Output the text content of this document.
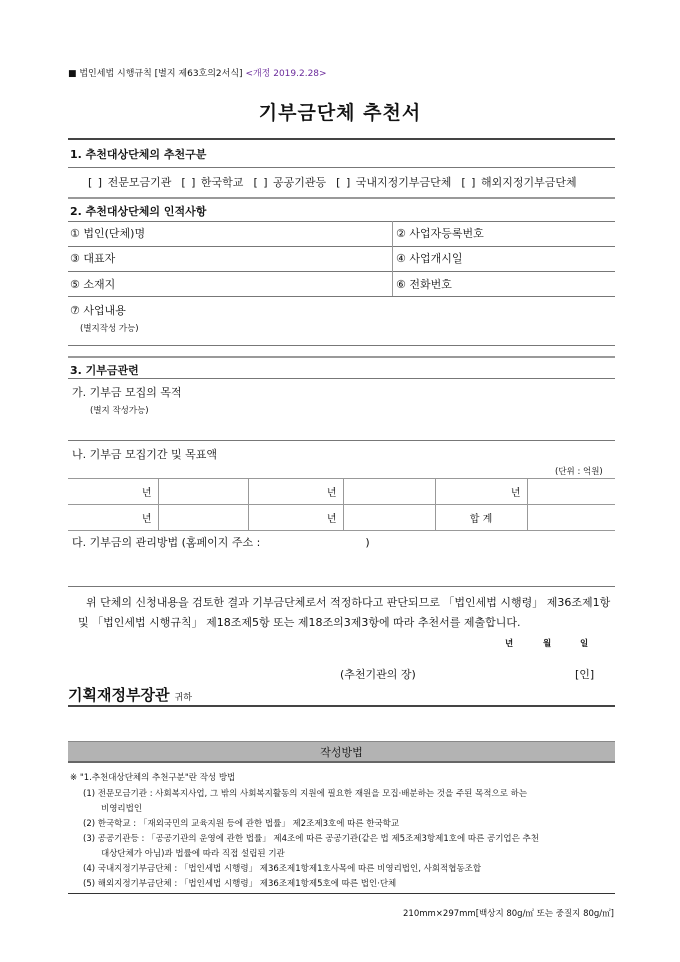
■ 법인세법 시행규칙 [별지 제63호의2서식] <개정 2019.2.28>
기부금단체 추천서
1. 추천대상단체의 추천구분
[ ] 전문모금기관 [ ] 한국학교 [ ] 공공기관등 [ ] 국내지정기부금단체 [ ] 해외지정기부금단체
2. 추천대상단체의 인적사항
① 법인(단체)명	② 사업자등록번호
③ 대표자	④ 사업개시일
⑤ 소재지	⑥ 전화번호
⑦ 사업내용
(별지작성 가능)
3. 기부금관련
가. 기부금 모집의 목적
(별지 작성가능)
나. 기부금 모집기간 및 목표액
(단위 : 억원)
년		년		년	
년		년		합 계	
다. 기부금의 관리방법 (홈페이지 주소 :	)
위 단체의 신청내용을 검토한 결과 기부금단체로서 적정하다고 판단되므로 「법인세법 시행령」 제36조제1항
및 「법인세법 시행규칙」 제18조제5항 또는 제18조의3제3항에 따라 추천서를 제출합니다.
년	월	일
(추천기관의 장)	[인]
기획재정부장관 귀하
작성방법
※ "1.추천대상단체의 추천구분"란 작성 방법
(1) 전문모금기관 : 사회복지사업, 그 밖의 사회복지활동의 지원에 필요한 재원을 모집·배분하는 것을 주된 목적으로 하는
비영리법인
(2) 한국학교 : 「재외국민의 교육지원 등에 관한 법률」 제2조제3호에 따른 한국학교
(3) 공공기관등 : 「공공기관의 운영에 관한 법률」 제4조에 따른 공공기관(같은 법 제5조제3항제1호에 따른 공기업은 추천
대상단체가 아님)과 법률에 따라 직접 설립된 기관
(4) 국내지정기부금단체 : 「법인세법 시행령」 제36조제1항제1호사목에 따른 비영리법인, 사회적협동조합
(5) 해외지정기부금단체 : 「법인세법 시행령」 제36조제1항제5호에 따른 법인·단체
210mm×297mm[백상지 80g/㎡ 또는 중질지 80g/㎡]
